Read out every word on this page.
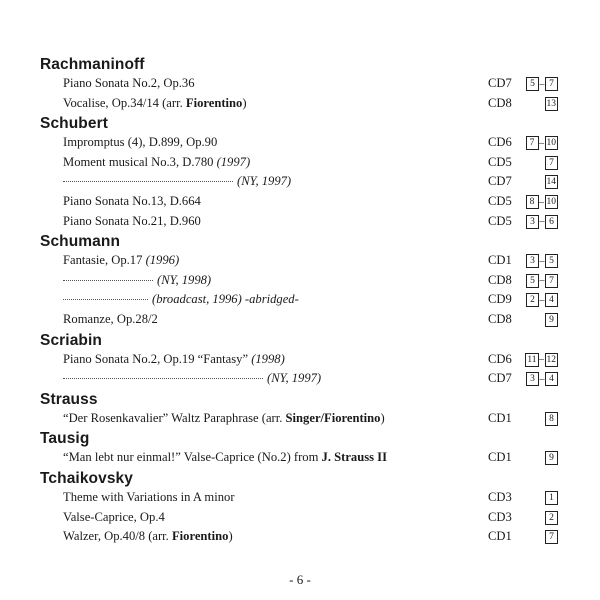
Rachmaninoff
Piano Sonata No.2, Op.36	CD7	5 – 7
Vocalise, Op.34/14 (arr. Fiorentino)	CD8	13
Schubert
Impromptus (4), D.899, Op.90	CD6	7 – 10
Moment musical No.3, D.780 (1997)	CD5	7
(NY, 1997)	CD7	14
Piano Sonata No.13, D.664	CD5	8 – 10
Piano Sonata No.21, D.960	CD5	3 – 6
Schumann
Fantasie, Op.17 (1996)	CD1	3 – 5
(NY, 1998)	CD8	5 – 7
(broadcast, 1996) -abridged-	CD9	2 – 4
Romanze, Op.28/2	CD8	9
Scriabin
Piano Sonata No.2, Op.19 “Fantasy” (1998)	CD6 11 – 12
(NY, 1997)	CD7	3 – 4
Strauss
“Der Rosenkavalier” Waltz Paraphrase (arr. Singer/Fiorentino)	CD1	8
Tausig
“Man lebt nur einmal!” Valse-Caprice (No.2) from J. Strauss II	CD1	9
Tchaikovsky
Theme with Variations in A minor	CD3	1
Valse-Caprice, Op.4	CD3	2
Walzer, Op.40/8 (arr. Fiorentino)	CD1	7
- 6 -
